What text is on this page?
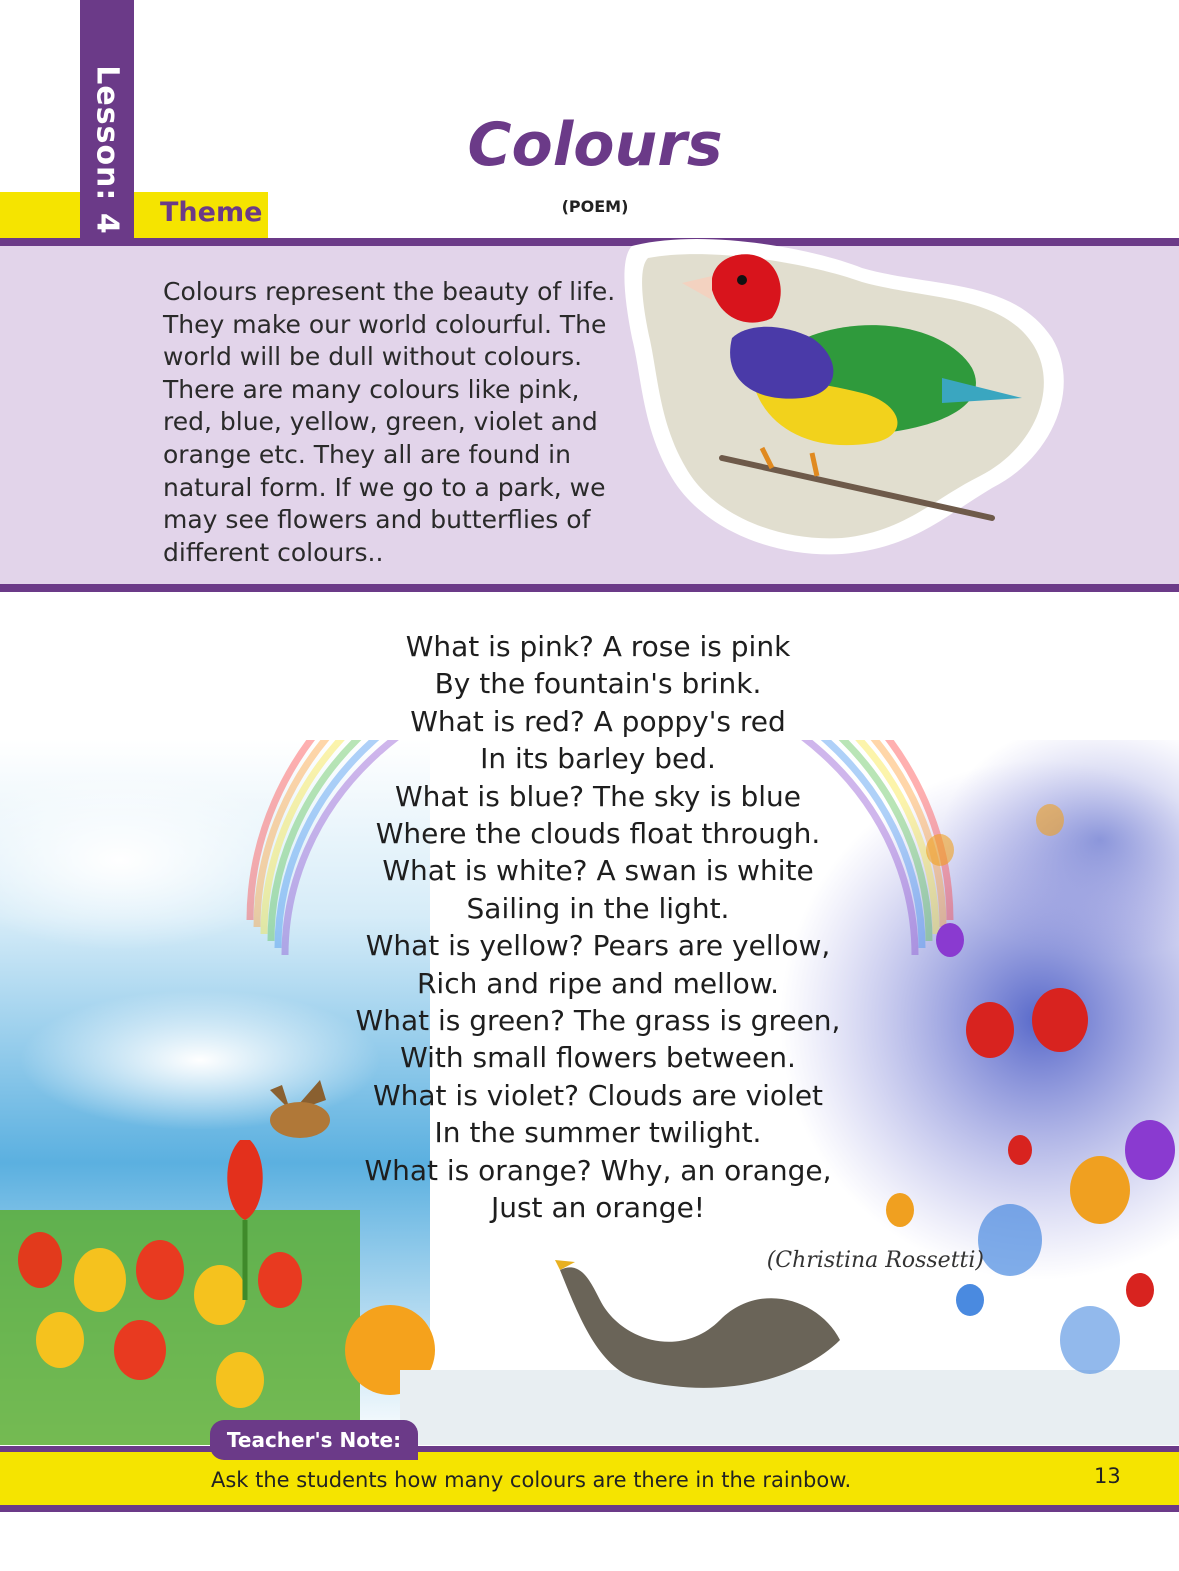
Lesson: 4 Theme
Colours
(POEM)
Colours represent the beauty of life.
They make our world colourful. The
world will be dull without colours.
There are many colours like pink,
red, blue, yellow, green, violet and
orange etc. They all are found in
natural form. If we go to a park, we
may see flowers and butterflies of
different colours..
What is pink? A rose is pink
By the fountain's brink.
What is red? A poppy's red
In its barley bed.
What is blue? The sky is blue
Where the clouds float through.
What is white? A swan is white
Sailing in the light.
What is yellow? Pears are yellow,
Rich and ripe and mellow.
What is green? The grass is green,
With small flowers between.
What is violet? Clouds are violet
In the summer twilight.
What is orange? Why, an orange,
Just an orange!
(Christina Rossetti)
Teacher's Note:
Ask the students how many colours are there in the rainbow.	13
